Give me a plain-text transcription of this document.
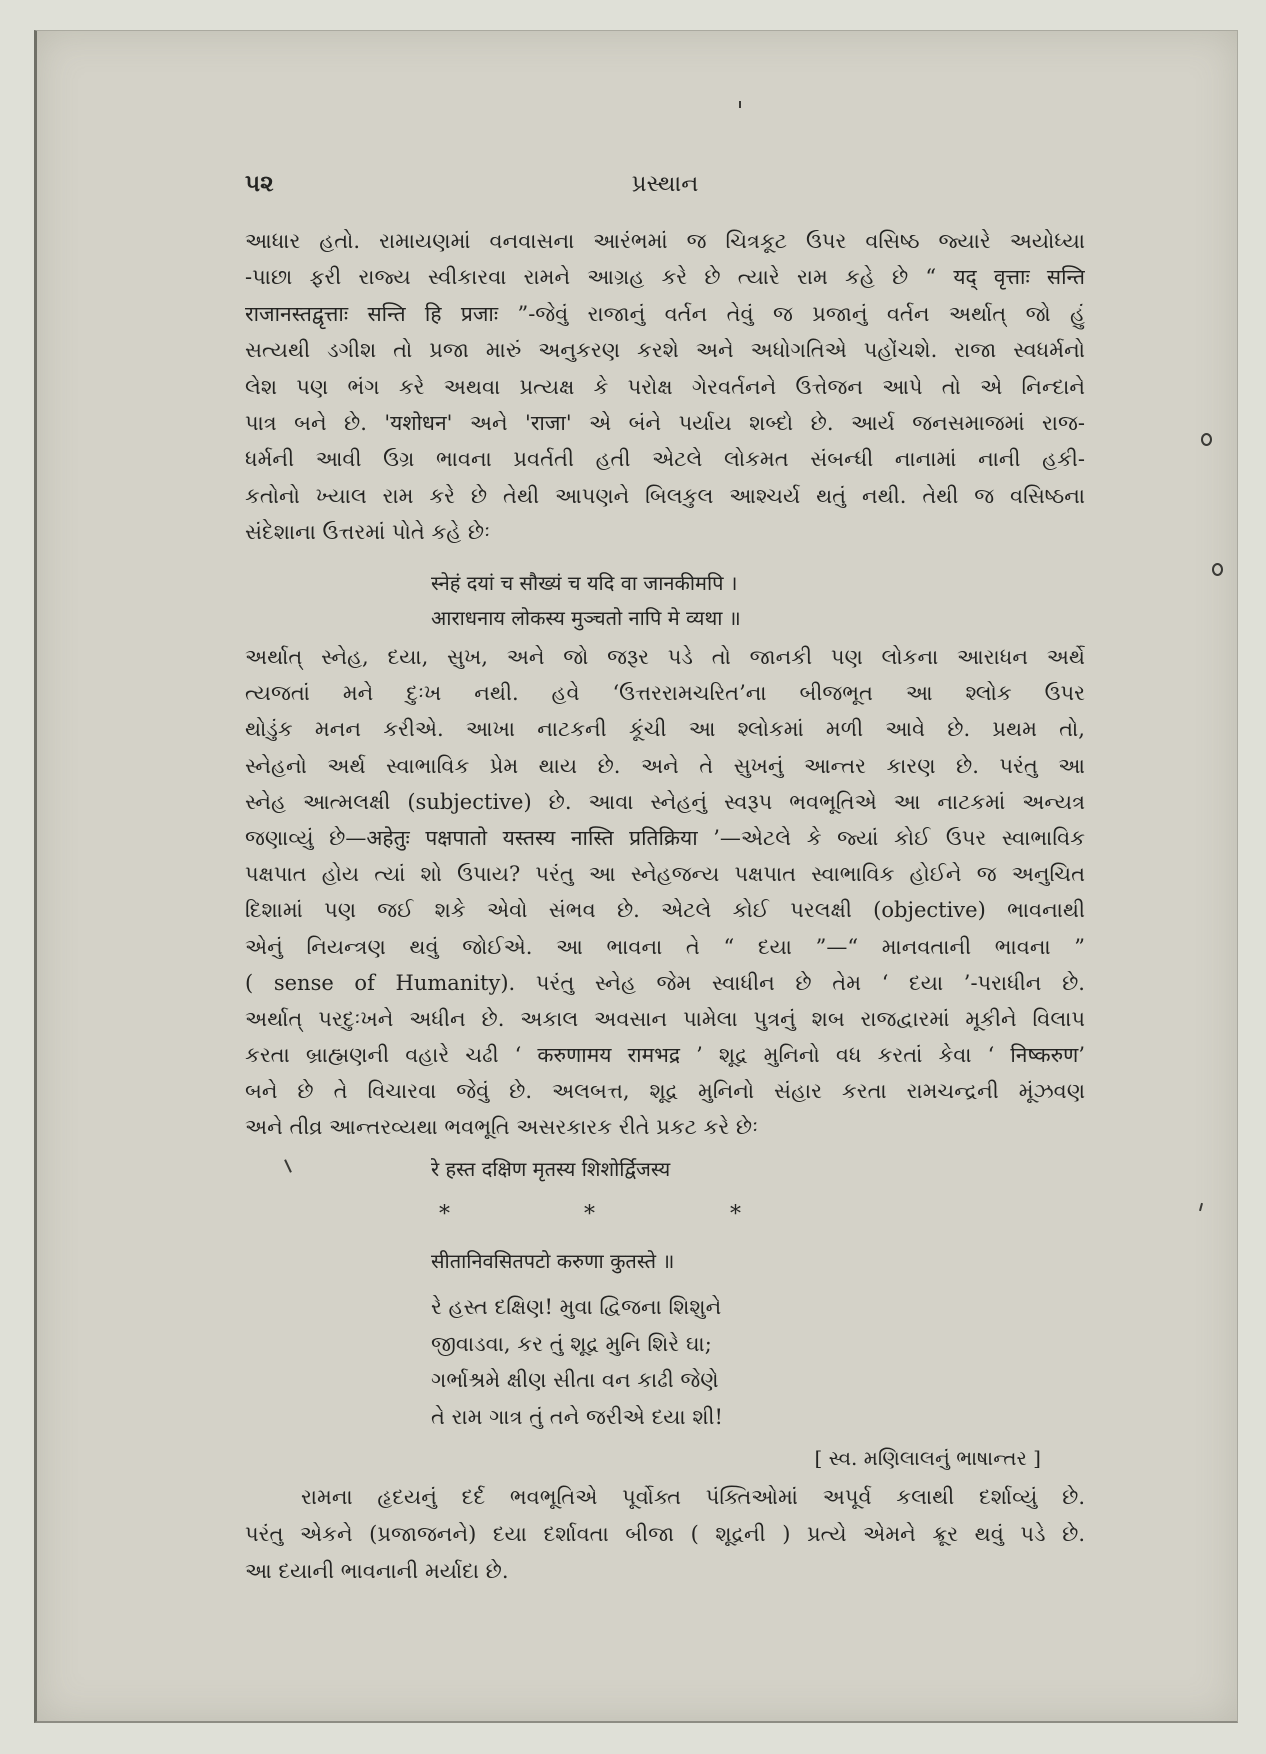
૫૨	પ્રસ્થાન
આધાર હતો. રામાયણમાં વનવાસના આરંભમાં જ ચિત્રકૂટ ઉપર વસિષ્ઠ જ્યારે અયોધ્યા
-પાછા ફરી રાજ્ય સ્વીકારવા રામને આગ્રહ કરે છે ત્યારે રામ કહે છે “ यद् वृत्ताः सन्ति
राजानस्तद्वृत्ताः सन्ति हि प्रजाः ”-જેવું રાજાનું વર્તન તેવું જ પ્રજાનું વર્તન અર્થાત્ જો હું
સત્યથી ડગીશ તો પ્રજા મારું અનુકરણ કરશે અને અધોગતિએ પહોંચશે. રાજા સ્વધર્મનો
લેશ પણ ભંગ કરે અથવા પ્રત્યક્ષ કે પરોક્ષ ગેરવર્તનને ઉત્તેજન આપે તો એ નિન્દાને
પાત્ર બને છે. 'यशोधन' અને 'राजा' એ બંને પર્યાય શબ્દો છે. આર્ય જનસમાજમાં રાજ-
ધર્મની આવી ઉગ્ર ભાવના પ્રવર્તતી હતી એટલે લોકમત સંબન્ધી નાનામાં નાની હકી-
કતોનો ખ્યાલ રામ કરે છે તેથી આપણને બિલકુલ આશ્ચર્ય થતું નથી. તેથી જ વસિષ્ઠના
સંદેશાના ઉત્તરમાં પોતે કહે છેઃ
स्नेहं दयां च सौख्यं च यदि वा जानकीमपि ।
आराधनाय लोकस्य मुञ्चतो नापि मे व्यथा ॥
અર્થાત્ સ્નેહ, દયા, સુખ, અને જો જરૂર પડે તો જાનકી પણ લોકના આરાધન અર્થે
ત્યજતાં મને દુઃખ નથી. હવે ‘ઉત્તરરામચરિત’ના બીજભૂત આ શ્લોક ઉપર
થોડુંક મનન કરીએ. આખા નાટકની કૂંચી આ શ્લોકમાં મળી આવે છે. પ્રથમ તો,
સ્નેહનો અર્થ સ્વાભાવિક પ્રેમ થાય છે. અને તે સુખનું આન્તર કારણ છે. પરંતુ આ
સ્નેહ આત્મલક્ષી (subjective) છે. આવા સ્નેહનું સ્વરૂપ ભવભૂતિએ આ નાટકમાં અન્યત્ર
જણાવ્યું છે—अहेतुः पक्षपातो यस्तस्य नास्ति प्रतिक्रिया ’—એટલે કે જ્યાં કોઈ ઉપર સ્વાભાવિક
પક્ષપાત હોય ત્યાં શો ઉપાય? પરંતુ આ સ્નેહજન્ય પક્ષપાત સ્વાભાવિક હોઈને જ અનુચિત
દિશામાં પણ જઈ શકે એવો સંભવ છે. એટલે કોઈ પરલક્ષી (objective) ભાવનાથી
એનું નિયન્ત્રણ થવું જોઈએ. આ ભાવના તે “ દયા ”—“ માનવતાની ભાવના ”
( sense of Humanity). પરંતુ સ્નેહ જેમ સ્વાધીન છે તેમ ‘ દયા ’-પરાધીન છે.
અર્થાત્ પરદુઃખને અધીન છે. અકાલ અવસાન પામેલા પુત્રનું શબ રાજદ્વારમાં મૂકીને વિલાપ
કરતા બ્રાહ્મણની વહારે ચઢી ‘ करुणामय रामभद्र ’ શૂદ્ર મુનિનો વધ કરતાં કેવા ‘ निष्करुण’
બને છે તે વિચારવા જેવું છે. અલબત્ત, શૂદ્ર મુનિનો સંહાર કરતા રામચન્દ્રની મૂંઝવણ
અને તીવ્ર આન્તરવ્યથા ભવભૂતિ અસરકારક રીતે પ્રકટ કરે છેઃ
रे हस्त दक्षिण मृतस्य शिशोर्द्विजस्य
*	*	*
सीतानिवसितपटो करुणा कुतस्ते ॥
રે હસ્ત દક્ષિણ! મુવા દ્વિજના શિશુને
જીવાડવા, કર તું શૂદ્ર મુનિ શિરે ઘા;
ગર્ભાશ્રમે ક્ષીણ સીતા વન કાઢી જેણે
તે રામ ગાત્ર તું તને જરીએ દયા શી!
[ સ્વ. મણિલાલનું ભાષાન્તર ]
રામના હૃદયનું દર્દ ભવભૂતિએ પૂર્વોક્ત પંક્તિઓમાં અપૂર્વ કલાથી દર્શાવ્યું છે.
પરંતુ એકને (પ્રજાજનને) દયા દર્શાવતા બીજા ( શૂદ્રની ) પ્રત્યે એમને ક્રૂર થવું પડે છે.
આ દયાની ભાવનાની મર્યાદા છે.
